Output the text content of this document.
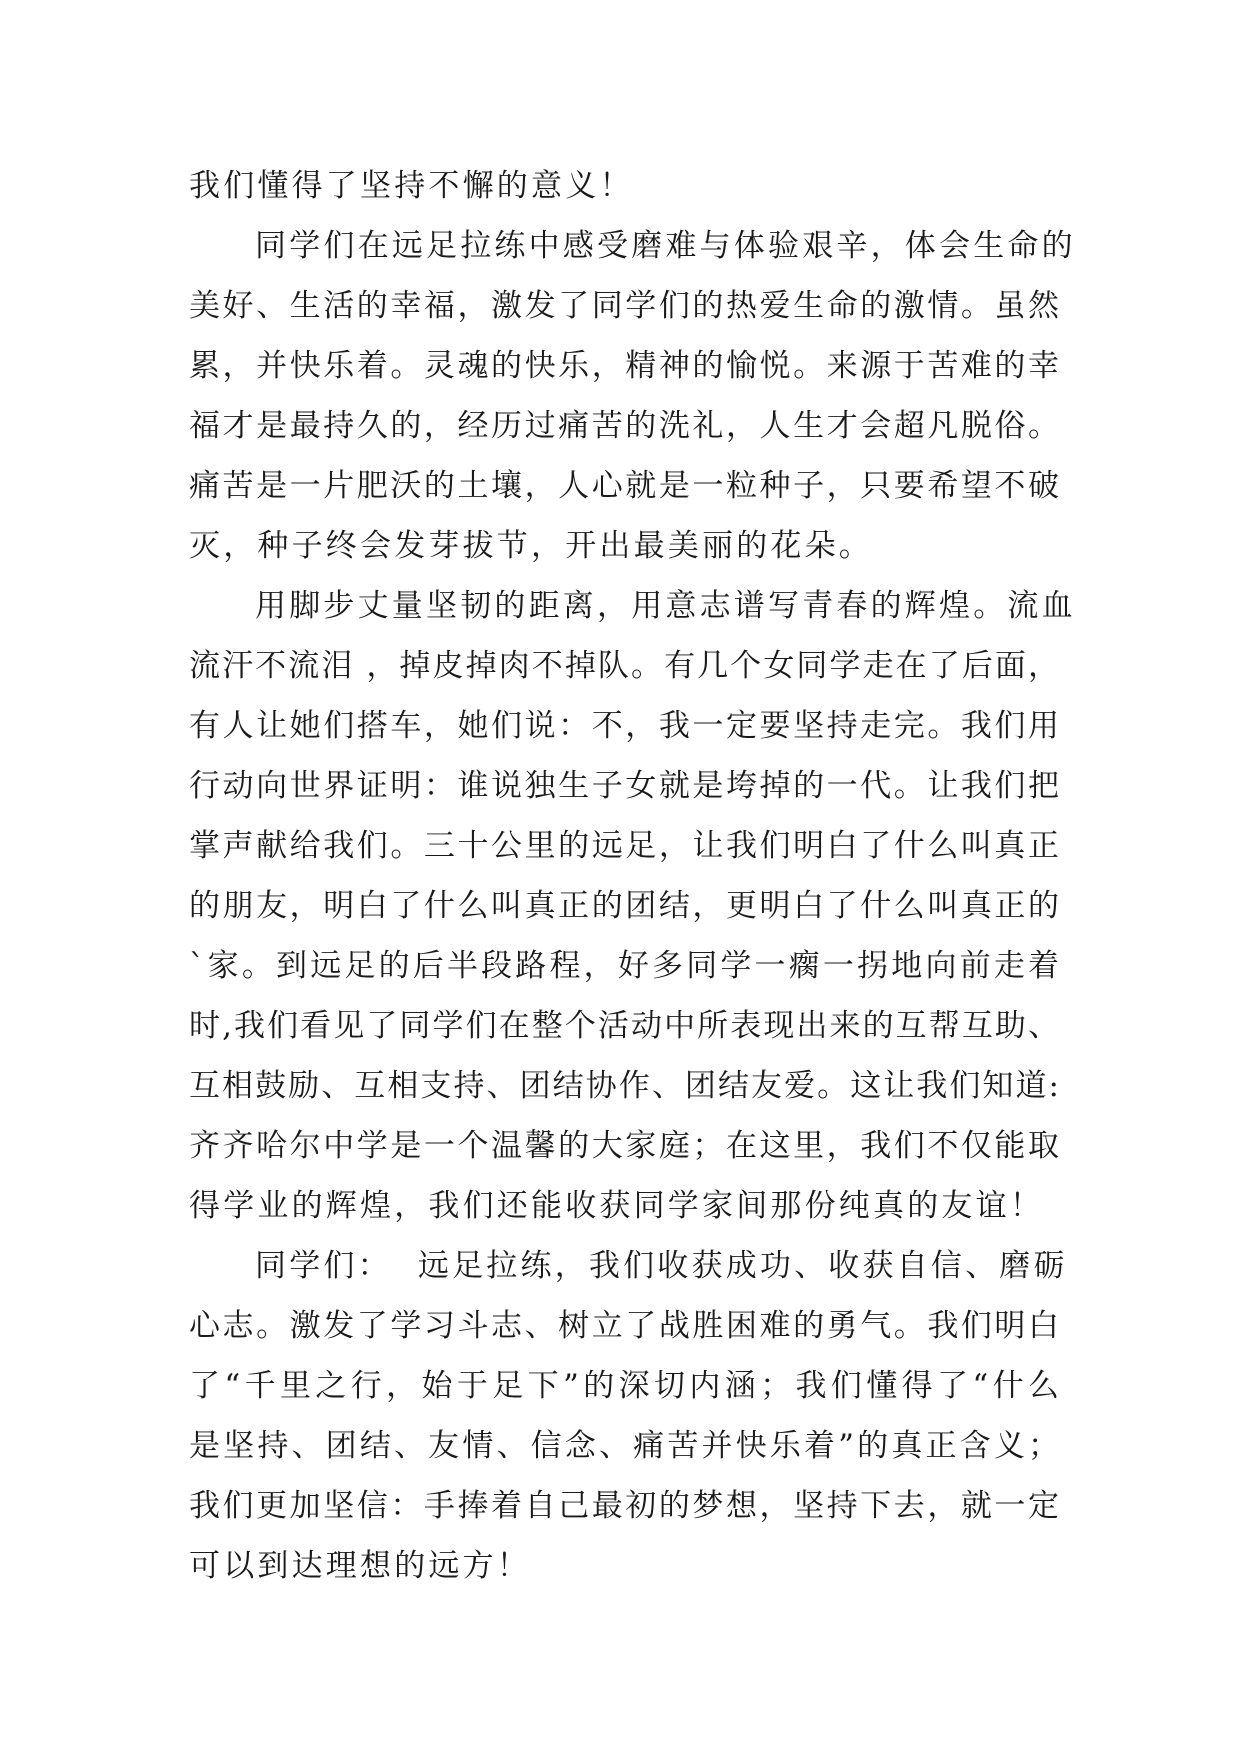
我们懂得了坚持不懈的意义！
同学们在远足拉练中感受磨难与体验艰辛，体会生命的
美好、生活的幸福，激发了同学们的热爱生命的激情。虽然
累，并快乐着。灵魂的快乐，精神的愉悦。来源于苦难的幸
福才是最持久的，经历过痛苦的洗礼，人生才会超凡脱俗。
痛苦是一片肥沃的土壤，人心就是一粒种子，只要希望不破
灭，种子终会发芽拔节，开出最美丽的花朵。
用脚步丈量坚韧的距离，用意志谱写青春的辉煌。流血
流汗不流泪 ，掉皮掉肉不掉队。有几个女同学走在了后面，
有人让她们搭车，她们说：不，我一定要坚持走完。我们用
行动向世界证明：谁说独生子女就是垮掉的一代。让我们把
掌声献给我们。三十公里的远足，让我们明白了什么叫真正
的朋友，明白了什么叫真正的团结，更明白了什么叫真正的
`家。到远足的后半段路程，好多同学一瘸一拐地向前走着
时,我们看见了同学们在整个活动中所表现出来的互帮互助、
互相鼓励、互相支持、团结协作、团结友爱。这让我们知道:
齐齐哈尔中学是一个温馨的大家庭；在这里，我们不仅能取
得学业的辉煌，我们还能收获同学家间那份纯真的友谊！
同学们：  远足拉练，我们收获成功、收获自信、磨砺
心志。激发了学习斗志、树立了战胜困难的勇气。我们明白
了“千里之行，始于足下”的深切内涵；我们懂得了“什么
是坚持、团结、友情、信念、痛苦并快乐着”的真正含义；
我们更加坚信：手捧着自己最初的梦想，坚持下去，就一定
可以到达理想的远方！
